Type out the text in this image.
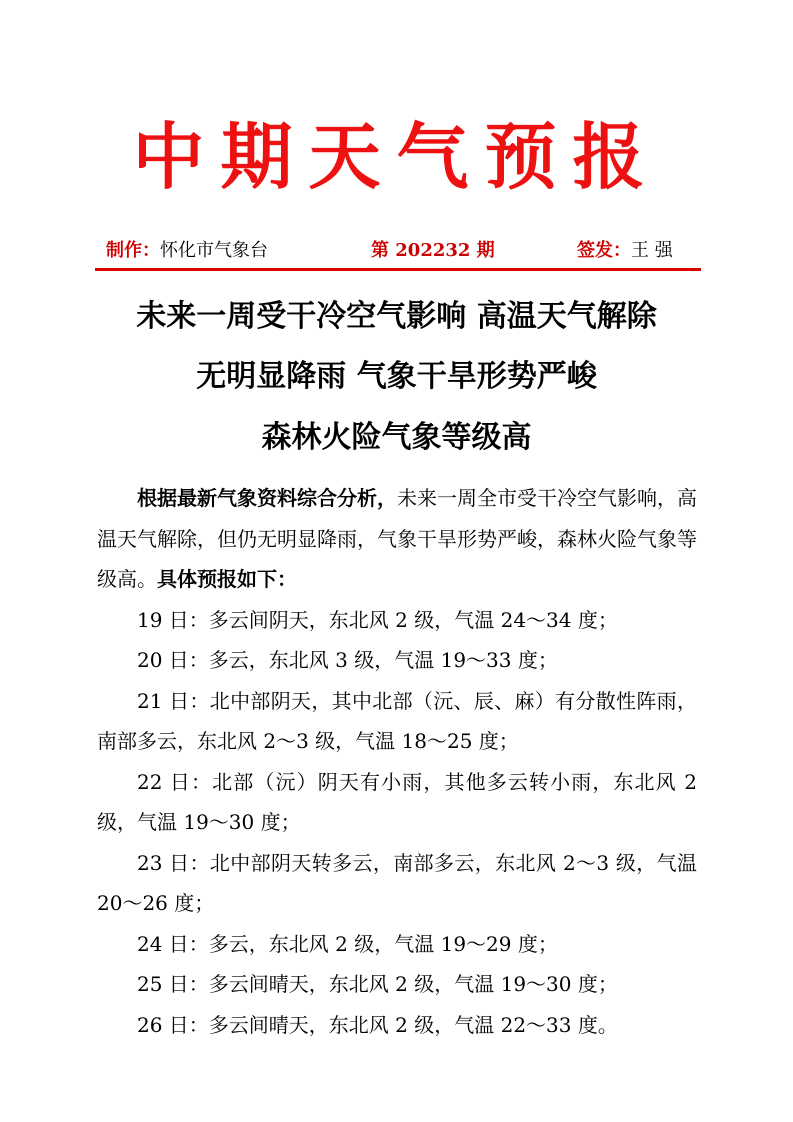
中期天气预报
制作：怀化市气象台	第 202232 期	签发：王 强
未来一周受干冷空气影响 高温天气解除
无明显降雨 气象干旱形势严峻
森林火险气象等级高

根据最新气象资料综合分析，未来一周全市受干冷空气影响，高温天气解除，但仍无明显降雨，气象干旱形势严峻，森林火险气象等级高。具体预报如下：

19 日：多云间阴天，东北风 2 级，气温 24～34 度；

20 日：多云，东北风 3 级，气温 19～33 度；

21 日：北中部阴天，其中北部（沅、辰、麻）有分散性阵雨，南部多云，东北风 2～3 级，气温 18～25 度；

22 日：北部（沅）阴天有小雨，其他多云转小雨，东北风 2 级，气温 19～30 度；

23 日：北中部阴天转多云，南部多云，东北风 2～3 级，气温 20～26 度；

24 日：多云，东北风 2 级，气温 19～29 度；

25 日：多云间晴天，东北风 2 级，气温 19～30 度；

26 日：多云间晴天，东北风 2 级，气温 22～33 度。
